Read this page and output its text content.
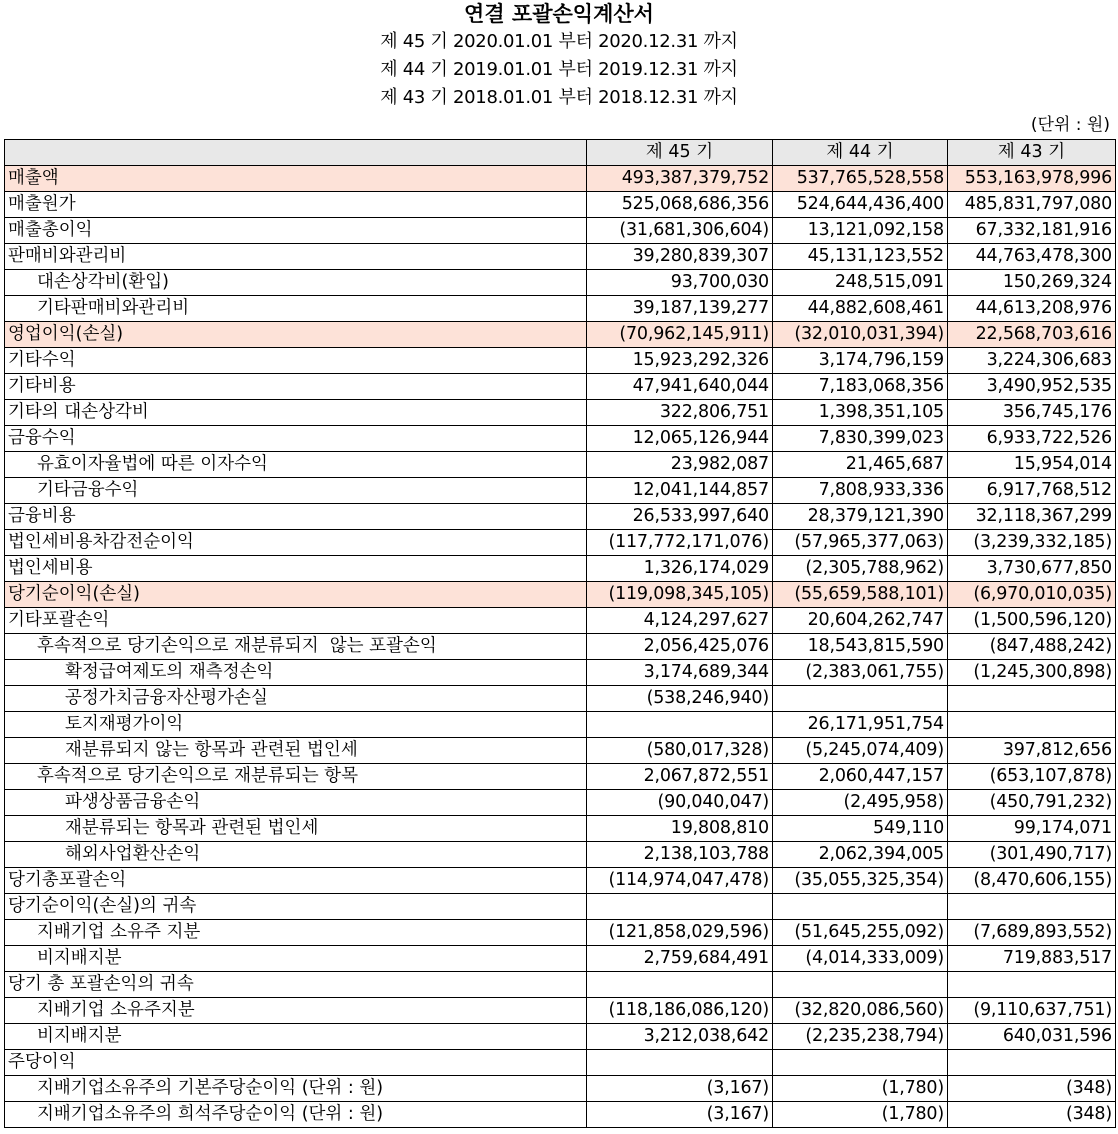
연결 포괄손익계산서
제 45 기 2020.01.01 부터 2020.12.31 까지
제 44 기 2019.01.01 부터 2019.12.31 까지
제 43 기 2018.01.01 부터 2018.12.31 까지
(단위 : 원)
	제 45 기	제 44 기	제 43 기
매출액	493,387,379,752	537,765,528,558	553,163,978,996
매출원가	525,068,686,356	524,644,436,400	485,831,797,080
매출총이익	(31,681,306,604)	13,121,092,158	67,332,181,916
판매비와관리비	39,280,839,307	45,131,123,552	44,763,478,300
대손상각비(환입)	93,700,030	248,515,091	150,269,324
기타판매비와관리비	39,187,139,277	44,882,608,461	44,613,208,976
영업이익(손실)	(70,962,145,911)	(32,010,031,394)	22,568,703,616
기타수익	15,923,292,326	3,174,796,159	3,224,306,683
기타비용	47,941,640,044	7,183,068,356	3,490,952,535
기타의 대손상각비	322,806,751	1,398,351,105	356,745,176
금융수익	12,065,126,944	7,830,399,023	6,933,722,526
유효이자율법에 따른 이자수익	23,982,087	21,465,687	15,954,014
기타금융수익	12,041,144,857	7,808,933,336	6,917,768,512
금융비용	26,533,997,640	28,379,121,390	32,118,367,299
법인세비용차감전순이익	(117,772,171,076)	(57,965,377,063)	(3,239,332,185)
법인세비용	1,326,174,029	(2,305,788,962)	3,730,677,850
당기순이익(손실)	(119,098,345,105)	(55,659,588,101)	(6,970,010,035)
기타포괄손익	4,124,297,627	20,604,262,747	(1,500,596,120)
후속적으로 당기손익으로 재분류되지  않는 포괄손익	2,056,425,076	18,543,815,590	(847,488,242)
확정급여제도의 재측정손익	3,174,689,344	(2,383,061,755)	(1,245,300,898)
공정가치금융자산평가손실	(538,246,940)		
토지재평가이익		26,171,951,754	
재분류되지 않는 항목과 관련된 법인세	(580,017,328)	(5,245,074,409)	397,812,656
후속적으로 당기손익으로 재분류되는 항목	2,067,872,551	2,060,447,157	(653,107,878)
파생상품금융손익	(90,040,047)	(2,495,958)	(450,791,232)
재분류되는 항목과 관련된 법인세	19,808,810	549,110	99,174,071
해외사업환산손익	2,138,103,788	2,062,394,005	(301,490,717)
당기총포괄손익	(114,974,047,478)	(35,055,325,354)	(8,470,606,155)
당기순이익(손실)의 귀속			
지배기업 소유주 지분	(121,858,029,596)	(51,645,255,092)	(7,689,893,552)
비지배지분	2,759,684,491	(4,014,333,009)	719,883,517
당기 총 포괄손익의 귀속			
지배기업 소유주지분	(118,186,086,120)	(32,820,086,560)	(9,110,637,751)
비지배지분	3,212,038,642	(2,235,238,794)	640,031,596
주당이익			
지배기업소유주의 기본주당순이익 (단위 : 원)	(3,167)	(1,780)	(348)
지배기업소유주의 희석주당순이익 (단위 : 원)	(3,167)	(1,780)	(348)
